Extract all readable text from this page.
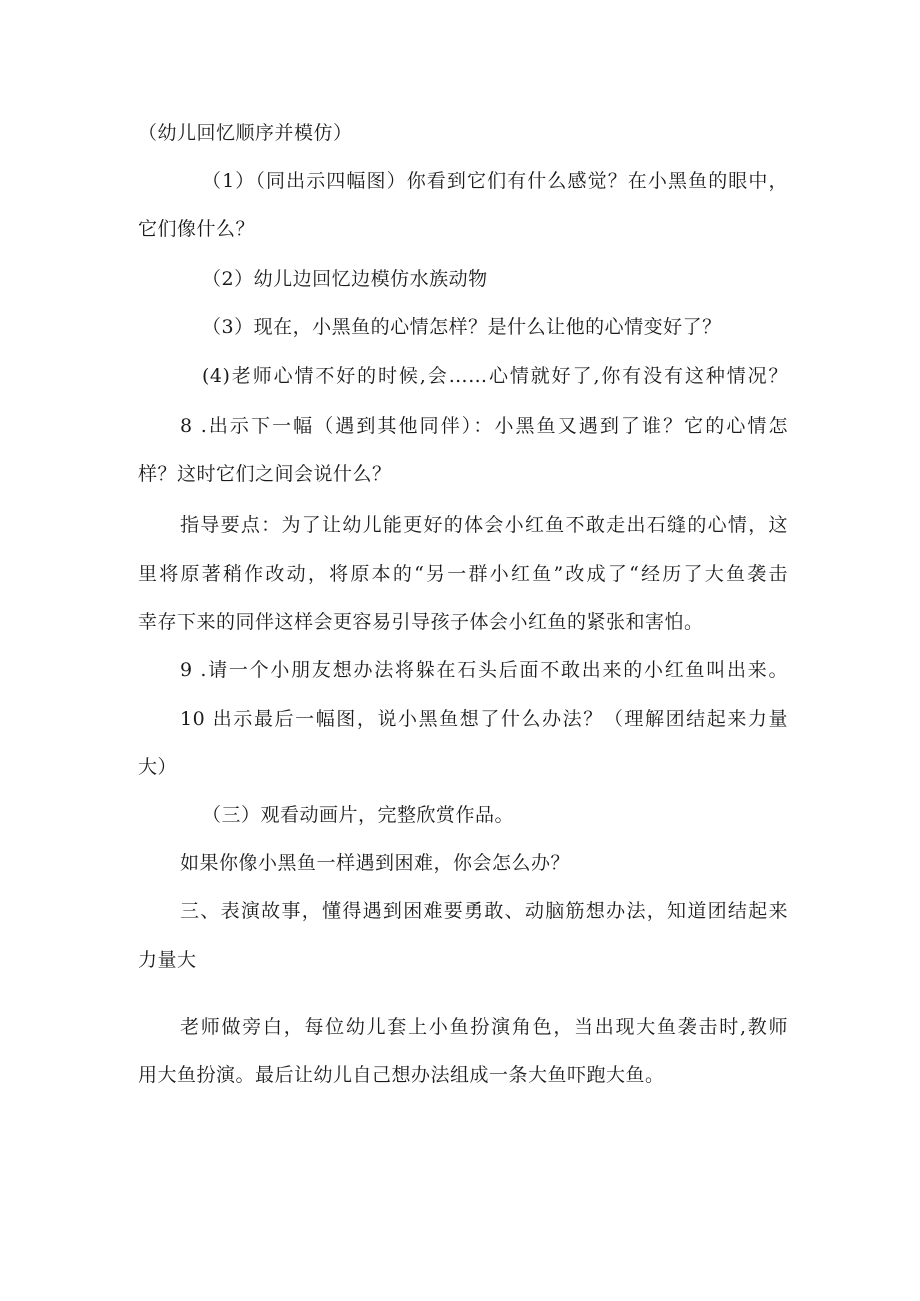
（幼儿回忆顺序并模仿）
（1）（同出示四幅图）你看到它们有什么感觉？在小黑鱼的眼中，
它们像什么？
（2）幼儿边回忆边模仿水族动物
（3）现在，小黑鱼的心情怎样？是什么让他的心情变好了？
(4)老师心情不好的时候,会……心情就好了,你有没有这种情况？
8 .出示下一幅（遇到其他同伴）：小黑鱼又遇到了谁？它的心情怎
样？这时它们之间会说什么？
指导要点：为了让幼儿能更好的体会小红鱼不敢走出石缝的心情，这
里将原著稍作改动，将原本的“另一群小红鱼”改成了“经历了大鱼袭击
幸存下来的同伴这样会更容易引导孩子体会小红鱼的紧张和害怕。
9 .请一个小朋友想办法将躲在石头后面不敢出来的小红鱼叫出来。
10 出示最后一幅图，说小黑鱼想了什么办法？（理解团结起来力量
大）
（三）观看动画片，完整欣赏作品。
如果你像小黑鱼一样遇到困难，你会怎么办？
三、表演故事，懂得遇到困难要勇敢、动脑筋想办法，知道团结起来
力量大
老师做旁白，每位幼儿套上小鱼扮演角色，当出现大鱼袭击时,教师
用大鱼扮演。最后让幼儿自己想办法组成一条大鱼吓跑大鱼。
